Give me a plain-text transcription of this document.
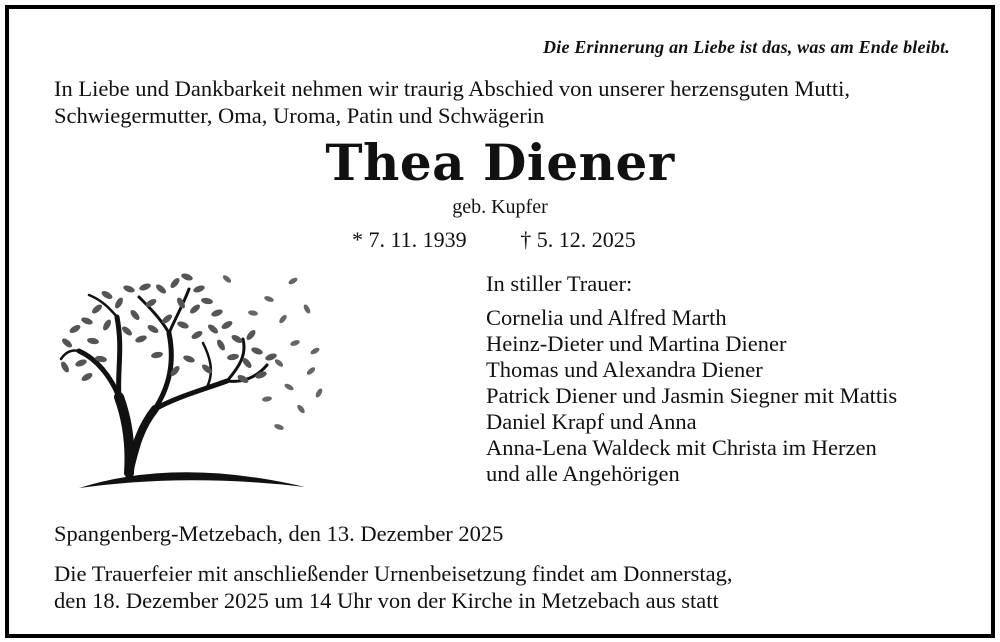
Die Erinnerung an Liebe ist das, was am Ende bleibt.
In Liebe und Dankbarkeit nehmen wir traurig Abschied von unserer herzensguten Mutti,
Schwiegermutter, Oma, Uroma, Patin und Schwägerin
Thea Diener
geb. Kupfer
* 7. 11. 1939 † 5. 12. 2025
In stiller Trauer:
Cornelia und Alfred Marth
Heinz-Dieter und Martina Diener
Thomas und Alexandra Diener
Patrick Diener und Jasmin Siegner mit Mattis
Daniel Krapf und Anna
Anna-Lena Waldeck mit Christa im Herzen
und alle Angehörigen
Spangenberg-Metzebach, den 13. Dezember 2025
Die Trauerfeier mit anschließender Urnenbeisetzung findet am Donnerstag,
den 18. Dezember 2025 um 14 Uhr von der Kirche in Metzebach aus statt
